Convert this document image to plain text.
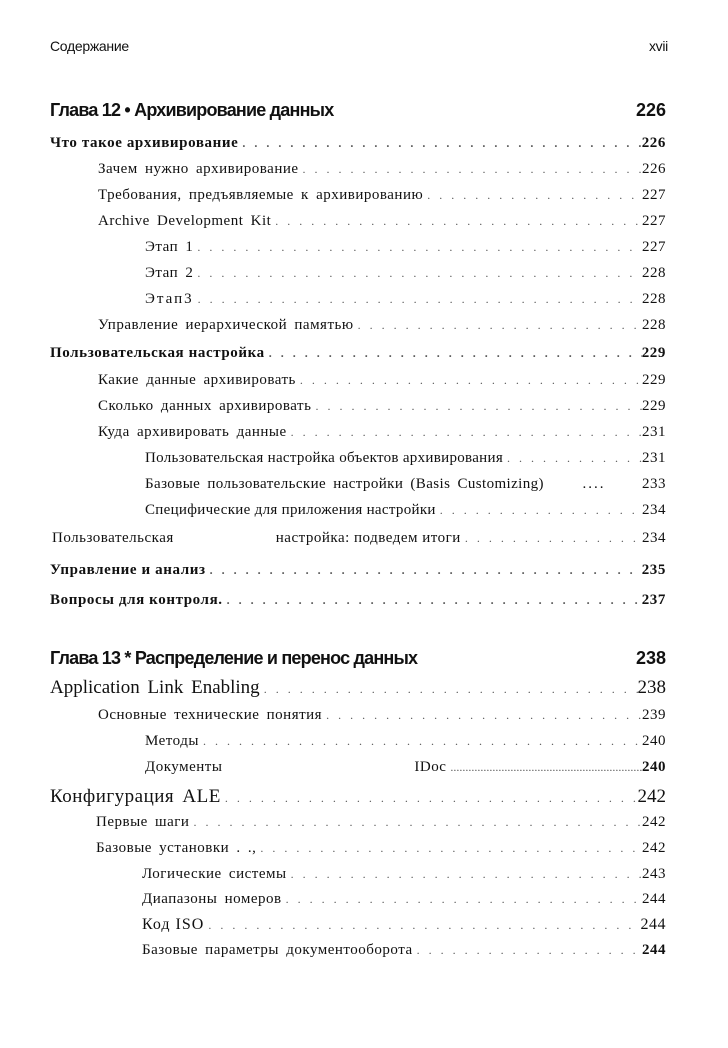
Содержание	xvii
Глава 12 • Архивирование данных	226
Что такое архивирование . . .	226
Зачем нужно архивирование . . .	226
Требования, предъявляемые к архивированию . . .	227
Archive Development Kit . . .	227
Этап 1 . . .	227
Этап 2 . . .	228
Этап3 . . .	228
Управление иерархической памятью . . .	228
Пользовательская настройка . . .	229
Какие данные архивировать . . .	229
Сколько данных архивировать . . .	229
Куда архивировать данные . . .	231
Пользовательская настройка объектов архивирования . . .	231
Базовые пользовательские настройки (Basis Customizing)	....	233
Специфические для приложения настройки . . .	234
Пользовательская	настройка: подведем итоги . . .	234
Управление и анализ . . .	235
Вопросы для контроля. . . .	237
Глава 13 * Распределение и перенос данных	238
Application Link Enabling . . .	238
Основные технические понятия . . .	239
Методы . . .	240
Документы	IDoc .....	240
Конфигурация ALE . . .	242
Первые шаги . . .	242
Базовые установки . ., . . .	242
Логические системы . . .	243
Диапазоны номеров . . .	244
Код ISO . . .	244
Базовые параметры документооборота . . .	244
